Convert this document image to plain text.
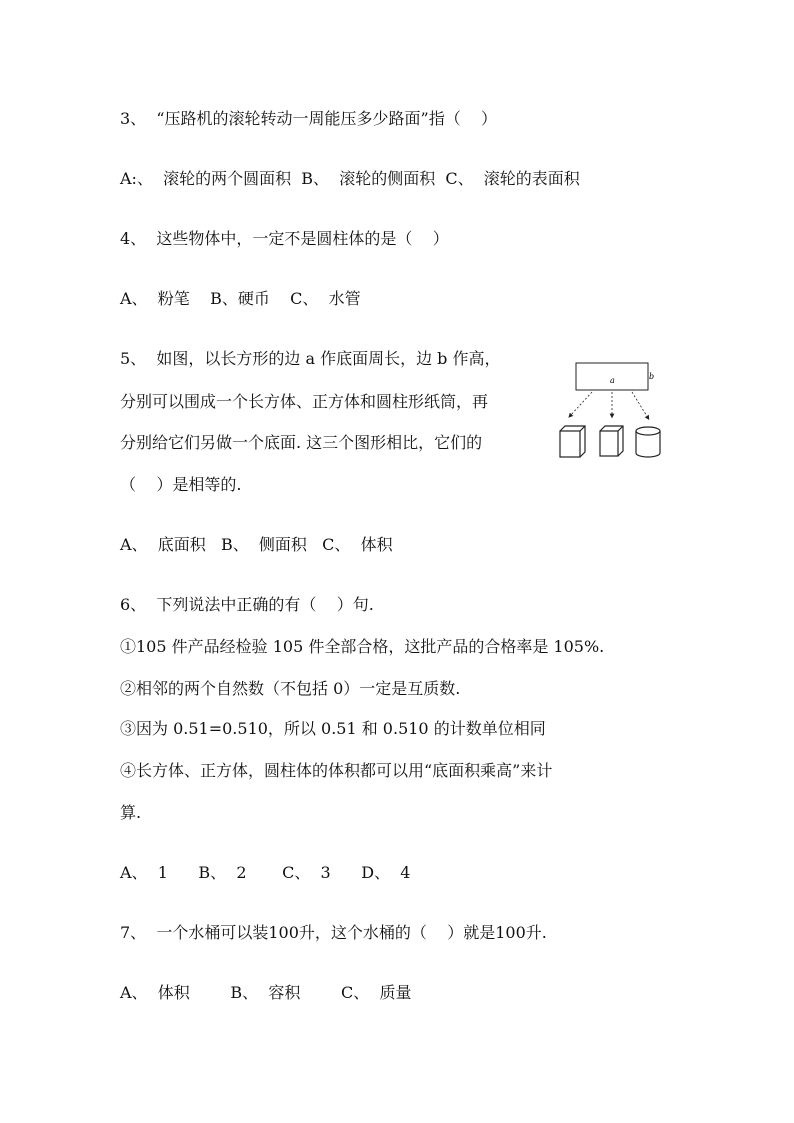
3、  “压路机的滚轮转动一周能压多少路面”指（    ）
A:、  滚轮的两个圆面积  B、  滚轮的侧面积  C、  滚轮的表面积
4、  这些物体中，一定不是圆柱体的是（    ）
A、  粉笔    B、硬币    C、  水管
5、  如图，以长方形的边 a 作底面周长，边 b 作高，
分别可以围成一个长方体、正方体和圆柱形纸筒，再
分别给它们另做一个底面. 这三个图形相比，它们的
（    ）是相等的.
a	b
A、  底面积   B、  侧面积   C、  体积
6、  下列说法中正确的有（    ）句.
①105 件产品经检验 105 件全部合格，这批产品的合格率是 105%.
②相邻的两个自然数（不包括 0）一定是互质数.
③因为 0.51=0.510，所以 0.51 和 0.510 的计数单位相同
④长方体、正方体，圆柱体的体积都可以用“底面积乘高”来计
算.
A、  1      B、  2       C、  3      D、  4
7、  一个水桶可以装100升，这个水桶的（    ）就是100升.
A、  体积        B、  容积        C、  质量
